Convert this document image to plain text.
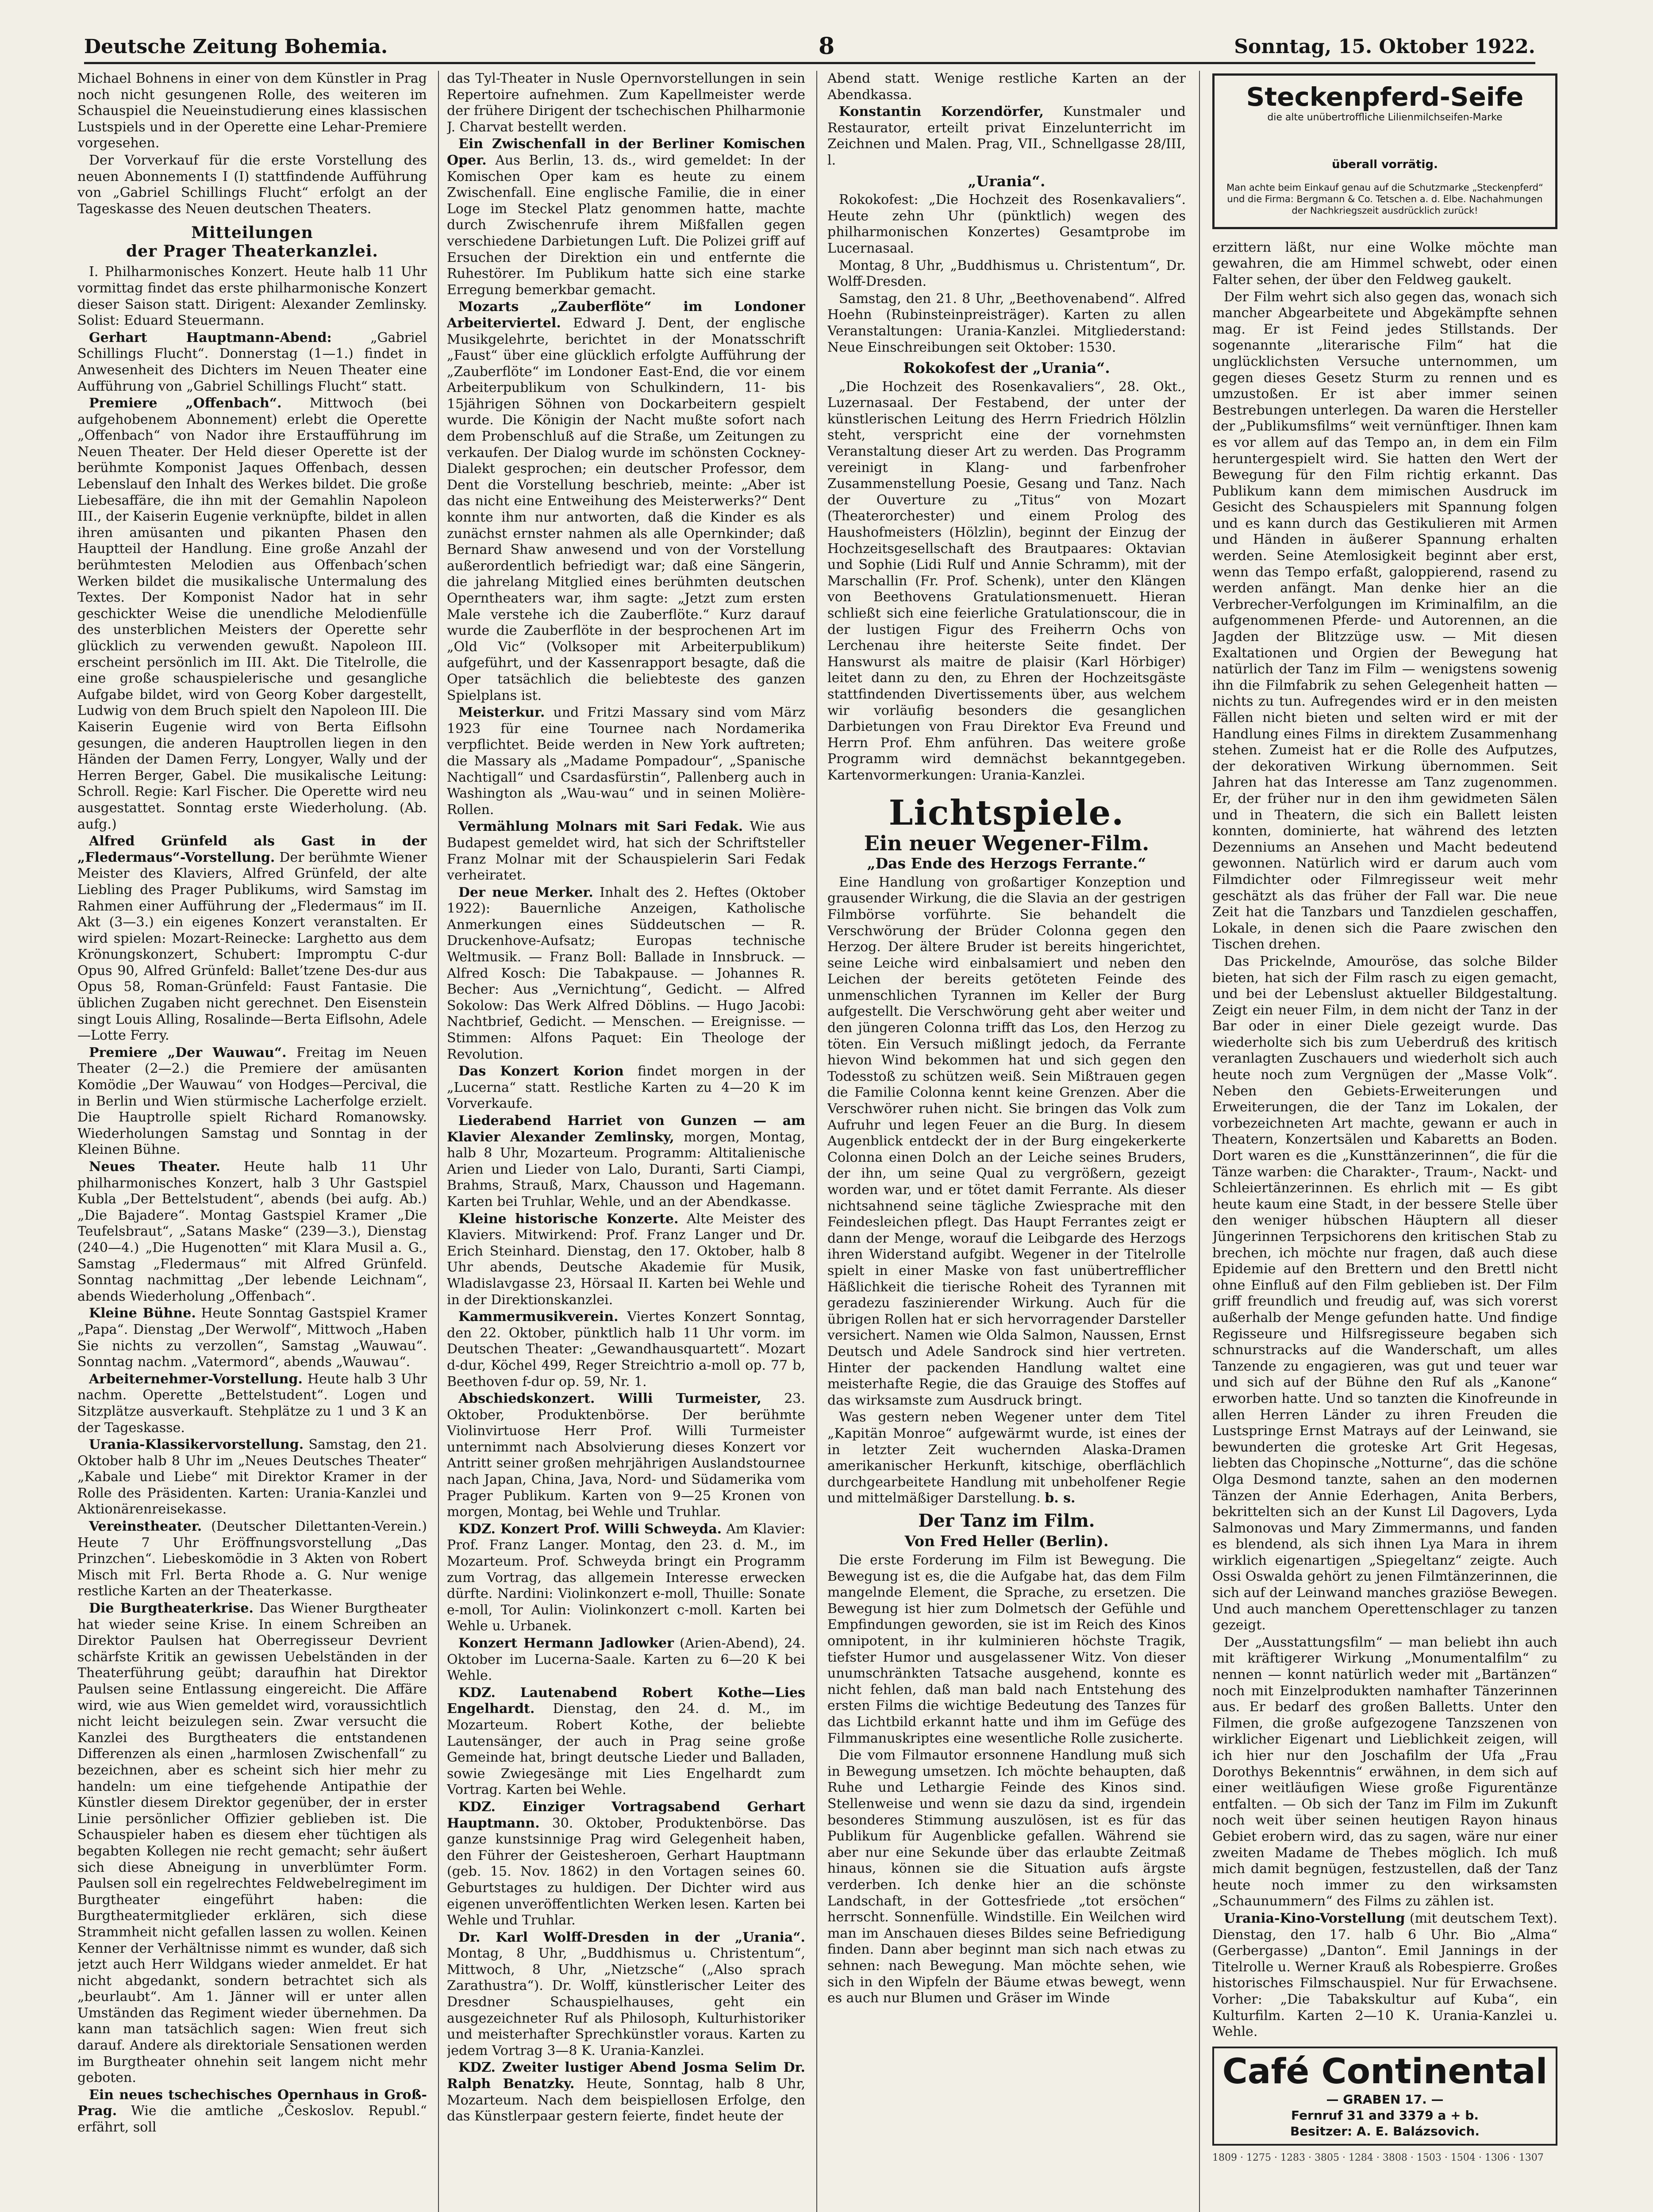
Deutsche Zeitung Bohemia.	8	Sonntag, 15. Oktober 1922.

Michael Bohnens in einer von dem Künstler in Prag noch nicht gesungenen Rolle, des weiteren im Schauspiel die Neueinstudierung eines klassischen Lustspiels und in der Operette eine Lehar-Premiere vorgesehen.

Der Vorverkauf für die erste Vorstellung des neuen Abonnements I (I) stattfindende Aufführung von „Gabriel Schillings Flucht“ erfolgt an der Tageskasse des Neuen deutschen Theaters.

Mitteilungen
der Prager Theaterkanzlei.

I. Philharmonisches Konzert. Heute halb 11 Uhr vormittag findet das erste philharmonische Konzert dieser Saison statt. Dirigent: Alexander Zemlinsky. Solist: Eduard Steuermann.

Gerhart Hauptmann-Abend:	„Gabriel Schillings Flucht“. Donnerstag (1—1.) findet in Anwesenheit des Dichters im Neuen Theater eine Aufführung von „Gabriel Schillings Flucht“ statt.

Premiere „Offenbach“. Mittwoch (bei aufgehobenem Abonnement) erlebt die Operette „Offenbach“ von Nador ihre Erstaufführung im Neuen Theater. Der Held dieser Operette ist der berühmte Komponist Jaques Offenbach, dessen Lebenslauf den Inhalt des Werkes bildet. Die große Liebesaffäre, die ihn mit der Gemahlin Napoleon III., der Kaiserin Eugenie verknüpfte, bildet in allen ihren amüsanten und pikanten Phasen den Hauptteil der Handlung. Eine große Anzahl der berühmtesten Melodien aus Offenbach’schen Werken bildet die musikalische Untermalung des Textes. Der Komponist Nador hat in sehr geschickter Weise die unendliche Melodienfülle des unsterblichen Meisters der Operette sehr glücklich zu verwenden gewußt. Napoleon III. erscheint persönlich im III. Akt. Die Titelrolle, die eine große schauspielerische und gesangliche Aufgabe bildet, wird von Georg Kober dargestellt, Ludwig von dem Bruch spielt den Napoleon III. Die Kaiserin Eugenie wird von Berta Eiflsohn gesungen, die anderen Hauptrollen liegen in den Händen der Damen Ferry, Longyer, Wally und der Herren Berger, Gabel. Die musikalische Leitung: Schroll. Regie: Karl Fischer. Die Operette wird neu ausgestattet. Sonntag erste Wiederholung. (Ab. aufg.)

Alfred Grünfeld als Gast in der „Fledermaus“-Vorstellung. Der berühmte Wiener Meister des Klaviers, Alfred Grünfeld, der alte Liebling des Prager Publikums, wird Samstag im Rahmen einer Aufführung der „Fledermaus“ im II. Akt (3—3.) ein eigenes Konzert veranstalten. Er wird spielen: Mozart-Reinecke: Larghetto aus dem Krönungskonzert, Schubert: Impromptu C-dur Opus 90, Alfred Grünfeld: Ballet’tzene Des-dur aus Opus 58, Roman-Grünfeld: Faust Fantasie. Die üblichen Zugaben nicht gerechnet. Den Eisenstein singt Louis Alling, Rosalinde—Berta Eiflsohn, Adele—Lotte Ferry.

Premiere „Der Wauwau“. Freitag im Neuen Theater (2—2.) die Premiere der amüsanten Komödie „Der Wauwau“ von Hodges—Percival, die in Berlin und Wien stürmische Lacherfolge erzielt. Die Hauptrolle spielt Richard Romanowsky. Wiederholungen Samstag und Sonntag in der Kleinen Bühne.

Neues Theater. Heute halb 11 Uhr philharmonisches Konzert, halb 3 Uhr Gastspiel Kubla „Der Bettelstudent“, abends (bei aufg. Ab.) „Die Bajadere“. Montag Gastspiel Kramer „Die Teufelsbraut“, „Satans Maske“ (239—3.), Dienstag (240—4.) „Die Hugenotten“ mit Klara Musil a. G., Samstag „Fledermaus“ mit Alfred Grünfeld. Sonntag nachmittag „Der lebende Leichnam“, abends Wiederholung „Offenbach“.

Kleine Bühne. Heute Sonntag Gastspiel Kramer „Papa“. Dienstag „Der Werwolf“, Mittwoch „Haben Sie nichts zu verzollen“, Samstag „Wauwau“. Sonntag nachm. „Vatermord“, abends „Wauwau“.

Arbeiternehmer-Vorstellung. Heute halb 3 Uhr nachm. Operette „Bettelstudent“. Logen und Sitzplätze ausverkauft. Stehplätze zu 1 und 3 K an der Tageskasse.

Urania-Klassikervorstellung. Samstag, den 21. Oktober halb 8 Uhr im „Neues Deutsches Theater“ „Kabale und Liebe“ mit Direktor Kramer in der Rolle des Präsidenten. Karten: Urania-Kanzlei und Aktionärenreisekasse.

Vereinstheater. (Deutscher Dilettanten-Verein.) Heute 7 Uhr Eröffnungsvorstellung „Das Prinzchen“. Liebeskomödie in 3 Akten von Robert Misch mit Frl. Berta Rhode a. G. Nur wenige restliche Karten an der Theaterkasse.

Die Burgtheaterkrise. Das Wiener Burgtheater hat wieder seine Krise. In einem Schreiben an Direktor Paulsen hat Oberregisseur Devrient schärfste Kritik an gewissen Uebelständen in der Theaterführung geübt; daraufhin hat Direktor Paulsen seine Entlassung eingereicht. Die Affäre wird, wie aus Wien gemeldet wird, voraussichtlich nicht leicht beizulegen sein. Zwar versucht die Kanzlei des Burgtheaters die entstandenen Differenzen als einen „harmlosen Zwischenfall“ zu bezeichnen, aber es scheint sich hier mehr zu handeln: um eine tiefgehende Antipathie der Künstler diesem Direktor gegenüber, der in erster Linie persönlicher Offizier geblieben ist. Die Schauspieler haben es diesem eher tüchtigen als begabten Kollegen nie recht gemacht; sehr äußert sich diese Abneigung in unverblümter Form. Paulsen soll ein regelrechtes Feldwebelregiment im Burgtheater eingeführt haben: die Burgtheatermitglieder erklären, sich diese Strammheit nicht gefallen lassen zu wollen. Keinen Kenner der Verhältnisse nimmt es wunder, daß sich jetzt auch Herr Wildgans wieder anmeldet. Er hat nicht abgedankt, sondern betrachtet sich als „beurlaubt“. Am 1. Jänner will er unter allen Umständen das Regiment wieder übernehmen. Da kann man tatsächlich sagen: Wien freut sich darauf. Andere als direktoriale Sensationen werden im Burgtheater ohnehin seit langem nicht mehr geboten.

Ein neues tschechisches Opernhaus in Groß-Prag. Wie die amtliche „Českoslov. Republ.“ erfährt, soll

das Tyl-Theater in Nusle Opernvorstellungen in sein Repertoire aufnehmen. Zum Kapellmeister werde der frühere Dirigent der tschechischen Philharmonie J. Charvat bestellt werden.

Ein Zwischenfall in der Berliner Komischen Oper. Aus Berlin, 13. ds., wird gemeldet: In der Komischen Oper kam es heute zu einem Zwischenfall. Eine englische Familie, die in einer Loge im Steckel Platz genommen hatte, machte durch Zwischenrufe ihrem Mißfallen gegen verschiedene Darbietungen Luft. Die Polizei griff auf Ersuchen der Direktion ein und entfernte die Ruhestörer. Im Publikum hatte sich eine starke Erregung bemerkbar gemacht.

Mozarts „Zauberflöte“ im Londoner Arbeiterviertel. Edward J. Dent, der englische Musikgelehrte, berichtet in der Monatsschrift „Faust“ über eine glücklich erfolgte Aufführung der „Zauberflöte“ im Londoner East-End, die vor einem Arbeiterpublikum von Schulkindern, 11- bis 15jährigen Söhnen von Dockarbeitern gespielt wurde. Die Königin der Nacht mußte sofort nach dem Probenschluß auf die Straße, um Zeitungen zu verkaufen. Der Dialog wurde im schönsten Cockney-Dialekt gesprochen; ein deutscher Professor, dem Dent die Vorstellung beschrieb, meinte: „Aber ist das nicht eine Entweihung des Meisterwerks?“ Dent konnte ihm nur antworten, daß die Kinder es als zunächst ernster nahmen als alle Opernkinder; daß Bernard Shaw anwesend und von der Vorstellung außerordentlich befriedigt war; daß eine Sängerin, die jahrelang Mitglied eines berühmten deutschen Operntheaters war, ihm sagte: „Jetzt zum ersten Male verstehe ich die Zauberflöte.“ Kurz darauf wurde die Zauberflöte in der besprochenen Art im „Old Vic“ (Volksoper mit Arbeiterpublikum) aufgeführt, und der Kassenrapport besagte, daß die Oper tatsächlich die beliebteste des ganzen Spielplans ist.

Meisterkur. und Fritzi Massary sind vom März 1923 für eine Tournee nach Nordamerika verpflichtet. Beide werden in New York auftreten; die Massary als „Madame Pompadour“, „Spanische Nachtigall“ und Csardasfürstin“, Pallenberg auch in Washington als „Wau-wau“ und in seinen Molière-Rollen.

Vermählung Molnars mit Sari Fedak. Wie aus Budapest gemeldet wird, hat sich der Schriftsteller Franz Molnar mit der Schauspielerin Sari Fedak verheiratet.

Der neue Merker. Inhalt des 2. Heftes (Oktober 1922): Bauernliche Anzeigen, Katholische Anmerkungen eines Süddeutschen — R. Druckenhove-Aufsatz; Europas technische Weltmusik. — Franz Boll: Ballade in Innsbruck. — Alfred Kosch: Die Tabakpause. — Johannes R. Becher: Aus „Vernichtung“, Gedicht. — Alfred Sokolow: Das Werk Alfred Döblins. — Hugo Jacobi: Nachtbrief, Gedicht. — Menschen. — Ereignisse. — Stimmen: Alfons Paquet: Ein Theologe der Revolution.

Das Konzert Korion findet morgen in der „Lucerna“ statt. Restliche Karten zu 4—20 K im Vorverkaufe.

Liederabend Harriet von Gunzen — am Klavier Alexander Zemlinsky, morgen, Montag, halb 8 Uhr, Mozarteum. Programm: Altitalienische Arien und Lieder von Lalo, Duranti, Sarti Ciampi, Brahms, Strauß, Marx, Chausson und Hagemann. Karten bei Truhlar, Wehle, und an der Abendkasse.

Kleine historische Konzerte. Alte Meister des Klaviers. Mitwirkend: Prof. Franz Langer und Dr. Erich Steinhard. Dienstag, den 17. Oktober, halb 8 Uhr abends, Deutsche Akademie für Musik, Wladislavgasse 23, Hörsaal II. Karten bei Wehle und in der Direktionskanzlei.

Kammermusikverein. Viertes Konzert Sonntag, den 22. Oktober, pünktlich halb 11 Uhr vorm. im Deutschen Theater: „Gewandhausquartett“. Mozart d-dur, Köchel 499, Reger Streichtrio a-moll op. 77 b, Beethoven f-dur op. 59, Nr. 1.

Abschiedskonzert. Willi Turmeister, 23. Oktober, Produktenbörse. Der berühmte Violinvirtuose Herr Prof. Willi Turmeister unternimmt nach Absolvierung dieses Konzert vor Antritt seiner großen mehrjährigen Auslandstournee nach Japan, China, Java, Nord- und Südamerika vom Prager Publikum. Karten von 9—25 Kronen von morgen, Montag, bei Wehle und Truhlar.

KDZ. Konzert Prof. Willi Schweyda. Am Klavier: Prof. Franz Langer. Montag, den 23. d. M., im Mozarteum. Prof. Schweyda bringt ein Programm zum Vortrag, das allgemein Interesse erwecken dürfte. Nardini: Violinkonzert e-moll, Thuille: Sonate e-moll, Tor Aulin: Violinkonzert c-moll. Karten bei Wehle u. Urbanek.

Konzert Hermann Jadlowker (Arien-Abend), 24. Oktober im Lucerna-Saale. Karten zu 6—20 K bei Wehle.

KDZ. Lautenabend Robert Kothe—Lies Engelhardt. Dienstag, den 24. d. M., im Mozarteum. Robert Kothe, der beliebte Lautensänger, der auch in Prag seine große Gemeinde hat, bringt deutsche Lieder und Balladen, sowie Zwiegesänge mit Lies Engelhardt zum Vortrag. Karten bei Wehle.

KDZ. Einziger Vortragsabend Gerhart Hauptmann. 30. Oktober, Produktenbörse. Das ganze kunstsinnige Prag wird Gelegenheit haben, den Führer der Geistesheroen, Gerhart Hauptmann (geb. 15. Nov. 1862) in den Vortagen seines 60. Geburtstages zu huldigen. Der Dichter wird aus eigenen unveröffentlichten Werken lesen. Karten bei Wehle und Truhlar.

Dr. Karl Wolff-Dresden in der „Urania“. Montag, 8 Uhr, „Buddhismus u. Christentum“, Mittwoch, 8 Uhr, „Nietzsche“ („Also sprach Zarathustra“). Dr. Wolff, künstlerischer Leiter des Dresdner Schauspielhauses, geht ein ausgezeichneter Ruf als Philosoph, Kulturhistoriker und meisterhafter Sprechkünstler voraus. Karten zu jedem Vortrag 3—8 K. Urania-Kanzlei.

KDZ. Zweiter lustiger Abend Josma Selim Dr. Ralph Benatzky. Heute, Sonntag, halb 8 Uhr, Mozarteum. Nach dem beispiellosen Erfolge, den das Künstlerpaar gestern feierte, findet heute der

Abend statt. Wenige restliche Karten an der Abendkassa.

Konstantin Korzendörfer, Kunstmaler und Restaurator, erteilt privat Einzelunterricht im Zeichnen und Malen. Prag, VII., Schnellgasse 28/III, l.

„Urania“.

Rokokofest: „Die Hochzeit des Rosenkavaliers“. Heute zehn Uhr (pünktlich) wegen des philharmonischen Konzertes) Gesamtprobe im Lucernasaal.

Montag, 8 Uhr, „Buddhismus u. Christentum“, Dr. Wolff-Dresden.

Samstag, den 21. 8 Uhr, „Beethovenabend“. Alfred Hoehn (Rubinsteinpreisträger). Karten zu allen Veranstaltungen: Urania-Kanzlei. Mitgliederstand: Neue Einschreibungen seit Oktober: 1530.

Rokokofest der „Urania“.

„Die Hochzeit des Rosenkavaliers“, 28. Okt., Luzernasaal. Der Festabend, der unter der künstlerischen Leitung des Herrn Friedrich Hölzlin steht, verspricht eine der vornehmsten Veranstaltung dieser Art zu werden. Das Programm vereinigt in Klang- und farbenfroher Zusammenstellung Poesie, Gesang und Tanz. Nach der Ouverture zu „Titus“ von Mozart (Theaterorchester) und einem Prolog des Haushofmeisters (Hölzlin), beginnt der Einzug der Hochzeitsgesellschaft des Brautpaares: Oktavian und Sophie (Lidi Rulf und Annie Schramm), mit der Marschallin (Fr. Prof. Schenk), unter den Klängen von Beethovens Gratulationsmenuett. Hieran schließt sich eine feierliche Gratulationscour, die in der lustigen Figur des Freiherrn Ochs von Lerchenau ihre heiterste Seite findet. Der Hanswurst als maitre de plaisir (Karl Hörbiger) leitet dann zu den, zu Ehren der Hochzeitsgäste stattfindenden Divertissements über, aus welchem wir vorläufig besonders die gesanglichen Darbietungen von Frau Direktor Eva Freund und Herrn Prof. Ehm anführen. Das weitere große Programm wird demnächst bekanntgegeben. Kartenvormerkungen: Urania-Kanzlei.

Lichtspiele.
Ein neuer Wegener-Film.
„Das Ende des Herzogs Ferrante.“

Eine Handlung von großartiger Konzeption und grausender Wirkung, die die Slavia an der gestrigen Filmbörse vorführte. Sie behandelt die Verschwörung der Brüder Colonna gegen den Herzog. Der ältere Bruder ist bereits hingerichtet, seine Leiche wird einbalsamiert und neben den Leichen der bereits getöteten Feinde des unmenschlichen Tyrannen im Keller der Burg aufgestellt. Die Verschwörung geht aber weiter und den jüngeren Colonna trifft das Los, den Herzog zu töten. Ein Versuch mißlingt jedoch, da Ferrante hievon Wind bekommen hat und sich gegen den Todesstoß zu schützen weiß. Sein Mißtrauen gegen die Familie Colonna kennt keine Grenzen. Aber die Verschwörer ruhen nicht. Sie bringen das Volk zum Aufruhr und legen Feuer an die Burg. In diesem Augenblick entdeckt der in der Burg eingekerkerte Colonna einen Dolch an der Leiche seines Bruders, der ihn, um seine Qual zu vergrößern, gezeigt worden war, und er tötet damit Ferrante. Als dieser nichtsahnend seine tägliche Zwiesprache mit den Feindesleichen pflegt. Das Haupt Ferrantes zeigt er dann der Menge, worauf die Leibgarde des Herzogs ihren Widerstand aufgibt. Wegener in der Titelrolle spielt in einer Maske von fast unübertrefflicher Häßlichkeit die tierische Roheit des Tyrannen mit geradezu faszinierender Wirkung. Auch für die übrigen Rollen hat er sich hervorragender Darsteller versichert. Namen wie Olda Salmon, Naussen, Ernst Deutsch und Adele Sandrock sind hier vertreten. Hinter der packenden Handlung waltet eine meisterhafte Regie, die das Grauige des Stoffes auf das wirksamste zum Ausdruck bringt.

Was gestern neben Wegener unter dem Titel „Kapitän Monroe“ aufgewärmt wurde, ist eines der in letzter Zeit wuchernden Alaska-Dramen amerikanischer Herkunft, kitschige, oberflächlich durchgearbeitete Handlung mit unbeholfener Regie und mittelmäßiger Darstellung. b. s.

Der Tanz im Film.
Von Fred Heller (Berlin).

Die erste Forderung im Film ist Bewegung. Die Bewegung ist es, die die Aufgabe hat, das dem Film mangelnde Element, die Sprache, zu ersetzen. Die Bewegung ist hier zum Dolmetsch der Gefühle und Empfindungen geworden, sie ist im Reich des Kinos omnipotent, in ihr kulminieren höchste Tragik, tiefster Humor und ausgelassener Witz. Von dieser unumschränkten Tatsache ausgehend, konnte es nicht fehlen, daß man bald nach Entstehung des ersten Films die wichtige Bedeutung des Tanzes für das Lichtbild erkannt hatte und ihm im Gefüge des Filmmanuskriptes eine wesentliche Rolle zusicherte.

Die vom Filmautor ersonnene Handlung muß sich in Bewegung umsetzen. Ich möchte behaupten, daß Ruhe und Lethargie Feinde des Kinos sind. Stellenweise und wenn sie dazu da sind, irgendein besonderes Stimmung auszulösen, ist es für das Publikum für Augenblicke gefallen. Während sie aber nur eine Sekunde über das erlaubte Zeitmaß hinaus, können sie die Situation aufs ärgste verderben. Ich denke hier an die schönste Landschaft, in der Gottesfriede „tot ersöchen“ herrscht. Sonnenfülle. Windstille. Ein Weilchen wird man im Anschauen dieses Bildes seine Befriedigung finden. Dann aber beginnt man sich nach etwas zu sehnen: nach Bewegung. Man möchte sehen, wie sich in den Wipfeln der Bäume etwas bewegt, wenn es auch nur Blumen und Gräser im Winde

Steckenpferd-Seife
die alte unübertroffliche Lilienmilchseifen-Marke
überall vorrätig.
Man achte beim Einkauf genau auf die Schutzmarke „Steckenpferd“ und die Firma: Bergmann & Co. Tetschen a. d. Elbe. Nachahmungen der Nachkriegszeit ausdrücklich zurück!

erzittern läßt, nur eine Wolke möchte man gewahren, die am Himmel schwebt, oder einen Falter sehen, der über den Feldweg gaukelt.

Der Film wehrt sich also gegen das, wonach sich mancher Abgearbeitete und Abgekämpfte sehnen mag. Er ist Feind jedes Stillstands. Der sogenannte „literarische Film“ hat die unglücklichsten Versuche unternommen, um gegen dieses Gesetz Sturm zu rennen und es umzustoßen. Er ist aber immer seinen Bestrebungen unterlegen. Da waren die Hersteller der „Publikumsfilms“ weit vernünftiger. Ihnen kam es vor allem auf das Tempo an, in dem ein Film heruntergespielt wird. Sie hatten den Wert der Bewegung für den Film richtig erkannt. Das Publikum kann dem mimischen Ausdruck im Gesicht des Schauspielers mit Spannung folgen und es kann durch das Gestikulieren mit Armen und Händen in äußerer Spannung erhalten werden. Seine Atemlosigkeit beginnt aber erst, wenn das Tempo erfaßt, galoppierend, rasend zu werden anfängt. Man denke hier an die Verbrecher-Verfolgungen im Kriminalfilm, an die aufgenommenen Pferde- und Autorennen, an die Jagden der Blitzzüge usw. — Mit diesen Exaltationen und Orgien der Bewegung hat natürlich der Tanz im Film — wenigstens sowenig ihn die Filmfabrik zu sehen Gelegenheit hatten — nichts zu tun. Aufregendes wird er in den meisten Fällen nicht bieten und selten wird er mit der Handlung eines Films in direktem Zusammenhang stehen. Zumeist hat er die Rolle des Aufputzes, der dekorativen Wirkung übernommen. Seit Jahren hat das Interesse am Tanz zugenommen. Er, der früher nur in den ihm gewidmeten Sälen und in Theatern, die sich ein Ballett leisten konnten, dominierte, hat während des letzten Dezenniums an Ansehen und Macht bedeutend gewonnen. Natürlich wird er darum auch vom Filmdichter oder Filmregisseur weit mehr geschätzt als das früher der Fall war. Die neue Zeit hat die Tanzbars und Tanzdielen geschaffen, Lokale, in denen sich die Paare zwischen den Tischen drehen.

Das Prickelnde, Amouröse, das solche Bilder bieten, hat sich der Film rasch zu eigen gemacht, und bei der Lebenslust aktueller Bildgestaltung. Zeigt ein neuer Film, in dem nicht der Tanz in der Bar oder in einer Diele gezeigt wurde. Das wiederholte sich bis zum Ueberdruß des kritisch veranlagten Zuschauers und wiederholt sich auch heute noch zum Vergnügen der „Masse Volk“. Neben den Gebiets-Erweiterungen und Erweiterungen, die der Tanz im Lokalen, der vorbezeichneten Art machte, gewann er auch in Theatern, Konzertsälen und Kabaretts an Boden. Dort waren es die „Kunsttänzerinnen“, die für die Tänze warben: die Charakter-, Traum-, Nackt- und Schleiertänzerinnen. Es ehrlich mit — Es gibt heute kaum eine Stadt, in der bessere Stelle über den weniger hübschen Häuptern all dieser Jüngerinnen Terpsichorens den kritischen Stab zu brechen, ich möchte nur fragen, daß auch diese Epidemie auf den Brettern und den Brettl nicht ohne Einfluß auf den Film geblieben ist. Der Film griff freundlich und freudig auf, was sich vorerst außerhalb der Menge gefunden hatte. Und findige Regisseure und Hilfsregisseure begaben sich schnurstracks auf die Wanderschaft, um alles Tanzende zu engagieren, was gut und teuer war und sich auf der Bühne den Ruf als „Kanone“ erworben hatte. Und so tanzten die Kinofreunde in allen Herren Länder zu ihren Freuden die Lustspringe Ernst Matrays auf der Leinwand, sie bewunderten die groteske Art Grit Hegesas, liebten das Chopinsche „Notturne“, das die schöne Olga Desmond tanzte, sahen an den modernen Tänzen der Annie Ederhagen, Anita Berbers, bekrittelten sich an der Kunst Lil Dagovers, Lyda Salmonovas und Mary Zimmermanns, und fanden es blendend, als sich ihnen Lya Mara in ihrem wirklich eigenartigen „Spiegeltanz“ zeigte. Auch Ossi Oswalda gehört zu jenen Filmtänzerinnen, die sich auf der Leinwand manches graziöse Bewegen. Und auch manchem Operettenschlager zu tanzen gezeigt.

Der „Ausstattungsfilm“ — man beliebt ihn auch mit kräftigerer Wirkung „Monumentalfilm“ zu nennen — konnt natürlich weder mit „Bartänzen“ noch mit Einzelprodukten namhafter Tänzerinnen aus. Er bedarf des großen Balletts. Unter den Filmen, die große aufgezogene Tanzszenen von wirklicher Eigenart und Lieblichkeit zeigen, will ich hier nur den Joschafilm der Ufa „Frau Dorothys Bekenntnis“ erwähnen, in dem sich auf einer weitläufigen Wiese große Figurentänze entfalten. — Ob sich der Tanz im Film im Zukunft noch weit über seinen heutigen Rayon hinaus Gebiet erobern wird, das zu sagen, wäre nur einer zweiten Madame de Thebes möglich. Ich muß mich damit begnügen, festzustellen, daß der Tanz heute noch immer zu den wirksamsten „Schaunummern“ des Films zu zählen ist.

Urania-Kino-Vorstellung (mit deutschem Text). Dienstag, den 17. halb 6 Uhr. Bio „Alma“ (Gerbergasse) „Danton“. Emil Jannings in der Titelrolle u. Werner Krauß als Robespierre. Großes historisches Filmschauspiel. Nur für Erwachsene. Vorher: „Die Tabakskultur auf Kuba“, ein Kulturfilm. Karten 2—10 K. Urania-Kanzlei u. Wehle.

Café Continental
— GRABEN 17. —
Fernruf 31 and 3379 a + b.
Besitzer: A. E. Balázsovich.
1809 · 1275 · 1283 · 3805 · 1284 · 3808 · 1503 · 1504 · 1306 · 1307
